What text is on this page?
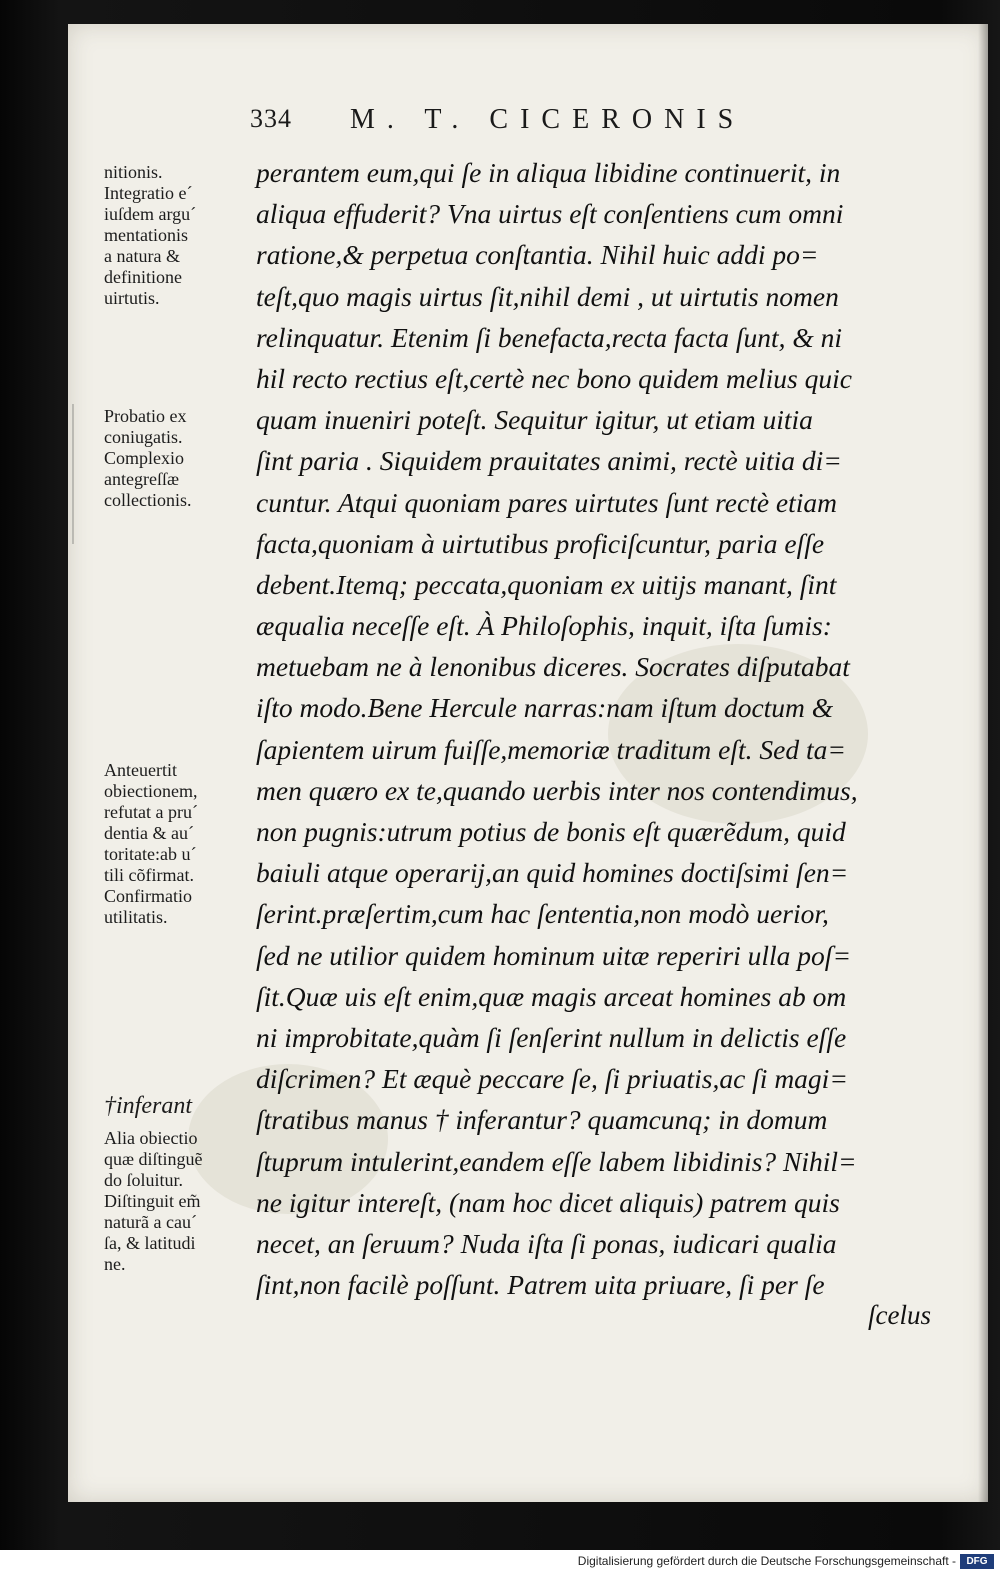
334 M. T. CICERONIS
nitionis.
Integratio e´
iuſdem argu´
mentationis
a natura &
definitione
uirtutis.
Probatio ex
coniugatis.
Complexio
antegreſſæ
collectionis.
Anteuertit
obiectionem,
refutat a pru´
dentia & au´
toritate:ab u´
tili cõfirmat.
Confirmatio
utilitatis.
†inferant
Alia obiectio
quæ diſtinguẽ
do ſoluitur.
Diſtinguit em̃
naturã a cau´
ſa, & latitudi
ne.
perantem eum,qui ſe in aliqua libidine continuerit, in
aliqua effuderit? Vna uirtus eſt conſentiens cum omni
ratione,& perpetua conſtantia. Nihil huic addi po=
teſt,quo magis uirtus ſit,nihil demi , ut uirtutis nomen
relinquatur. Etenim ſi benefacta,recta facta ſunt, & ni
hil recto rectius eſt,certè nec bono quidem melius quic
quam inueniri poteſt. Sequitur igitur, ut etiam uitia
ſint paria . Siquidem prauitates animi, rectè uitia di=
cuntur. Atqui quoniam pares uirtutes ſunt rectè etiam
facta,quoniam à uirtutibus proficiſcuntur, paria eſſe
debent.Itemq; peccata,quoniam ex uitijs manant, ſint
æqualia neceſſe eſt. À Philoſophis, inquit, iſta ſumis:
metuebam ne à lenonibus diceres. Socrates diſputabat
iſto modo.Bene Hercule narras:nam iſtum doctum &
ſapientem uirum fuiſſe,memoriæ traditum eſt. Sed ta=
men quæro ex te,quando uerbis inter nos contendimus,
non pugnis:utrum potius de bonis eſt quærẽdum, quid
baiuli atque operarij,an quid homines doctiſsimi ſen=
ſerint.præſertim,cum hac ſententia,non modò uerior,
ſed ne utilior quidem hominum uitæ reperiri ulla poſ=
ſit.Quæ uis eſt enim,quæ magis arceat homines ab om
ni improbitate,quàm ſi ſenſerint nullum in delictis eſſe
diſcrimen? Et æquè peccare ſe, ſi priuatis,ac ſi magi=
ſtratibus manus † inferantur? quamcunq; in domum
ſtuprum intulerint,eandem eſſe labem libidinis? Nihil=
ne igitur intereſt, (nam hoc dicet aliquis) patrem quis
necet, an ſeruum? Nuda iſta ſi ponas, iudicari qualia
ſint,non facilè poſſunt. Patrem uita priuare, ſi per ſe
ſcelus
Digitalisierung gefördert durch die Deutsche Forschungsgemeinschaft -	DFG
